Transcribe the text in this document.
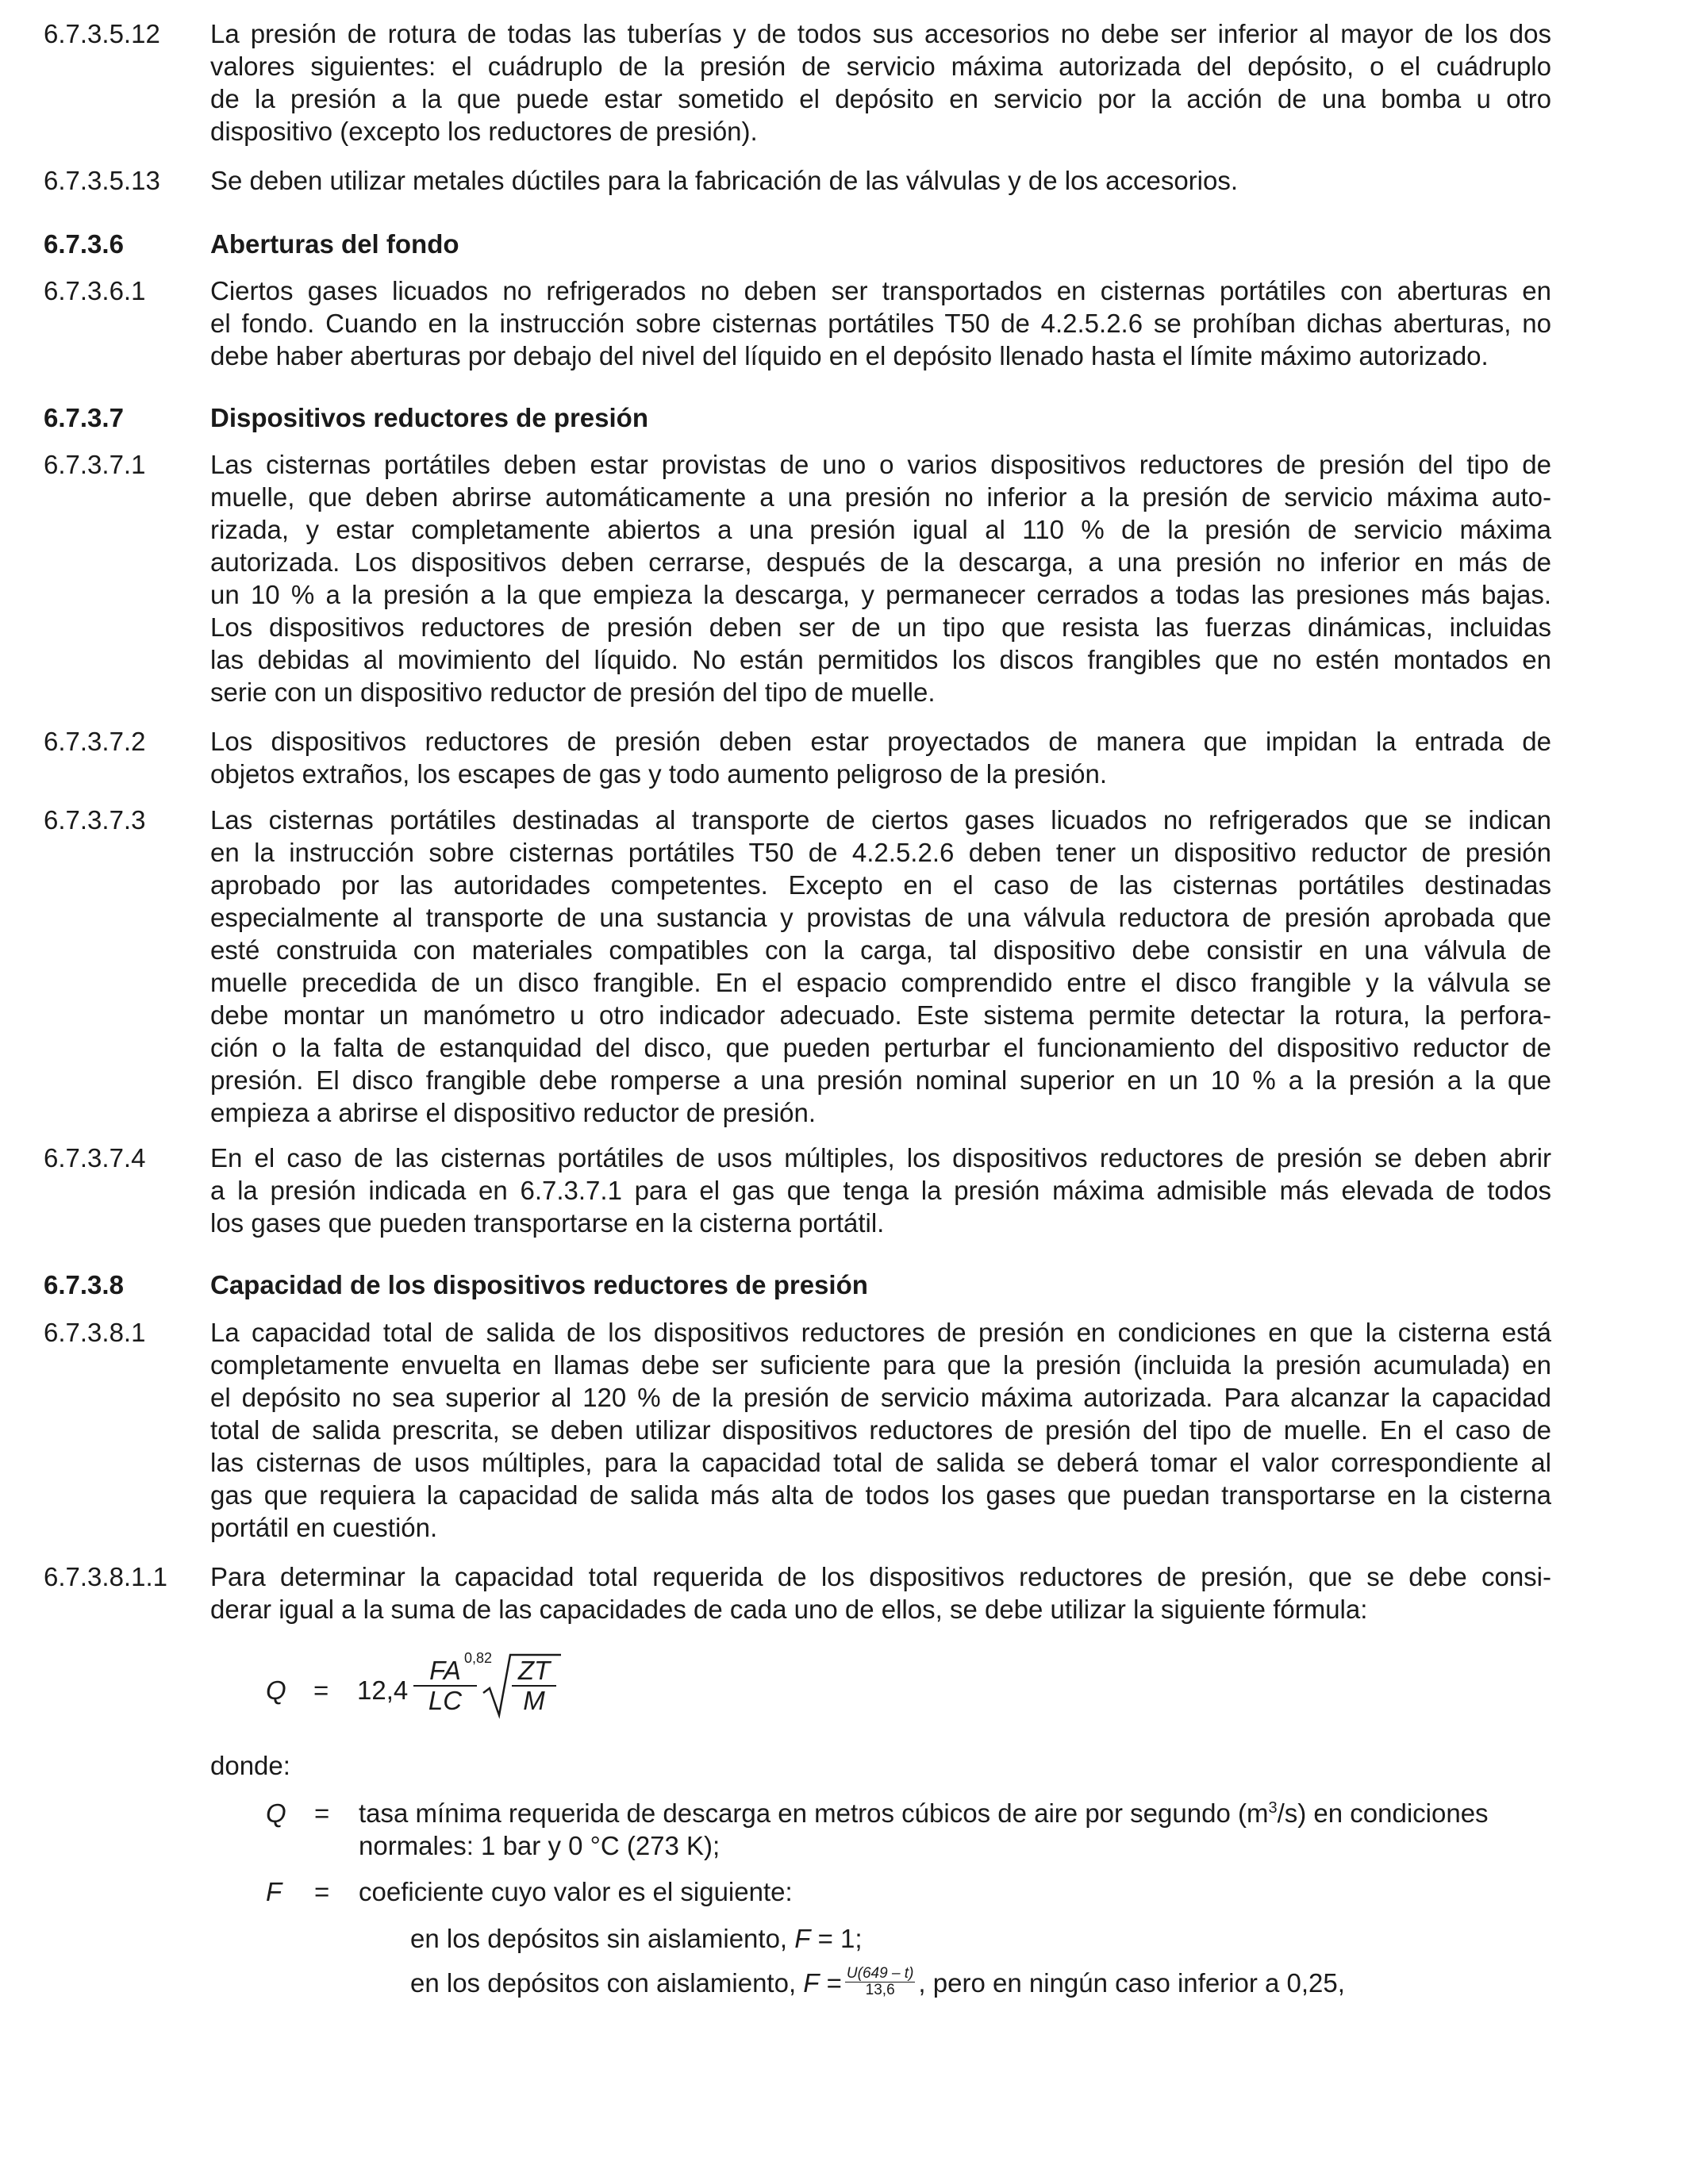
6.7.3.5.12	La presión de rotura de todas las tuberías y de todos sus accesorios no debe ser inferior al mayor de los dos
valores siguientes: el cuádruplo de la presión de servicio máxima autorizada del depósito, o el cuádruplo
de la presión a la que puede estar sometido el depósito en servicio por la acción de una bomba u otro
dispositivo (excepto los reductores de presión).
6.7.3.5.13	Se deben utilizar metales dúctiles para la fabricación de las válvulas y de los accesorios.
6.7.3.6	Aberturas del fondo
6.7.3.6.1	Ciertos gases licuados no refrigerados no deben ser transportados en cisternas portátiles con aberturas en
el fondo. Cuando en la instrucción sobre cisternas portátiles T50 de 4.2.5.2.6 se prohíban dichas aberturas, no
debe haber aberturas por debajo del nivel del líquido en el depósito llenado hasta el límite máximo autorizado.
6.7.3.7	Dispositivos reductores de presión
6.7.3.7.1	Las cisternas portátiles deben estar provistas de uno o varios dispositivos reductores de presión del tipo de
muelle, que deben abrirse automáticamente a una presión no inferior a la presión de servicio máxima auto-
rizada, y estar completamente abiertos a una presión igual al 110 % de la presión de servicio máxima
autorizada. Los dispositivos deben cerrarse, después de la descarga, a una presión no inferior en más de
un 10 % a la presión a la que empieza la descarga, y permanecer cerrados a todas las presiones más bajas.
Los dispositivos reductores de presión deben ser de un tipo que resista las fuerzas dinámicas, incluidas
las debidas al movimiento del líquido. No están permitidos los discos frangibles que no estén montados en
serie con un dispositivo reductor de presión del tipo de muelle.
6.7.3.7.2	Los dispositivos reductores de presión deben estar proyectados de manera que impidan la entrada de
objetos extraños, los escapes de gas y todo aumento peligroso de la presión.
6.7.3.7.3	Las cisternas portátiles destinadas al transporte de ciertos gases licuados no refrigerados que se indican
en la instrucción sobre cisternas portátiles T50 de 4.2.5.2.6 deben tener un dispositivo reductor de presión
aprobado por las autoridades competentes. Excepto en el caso de las cisternas portátiles destinadas
especialmente al transporte de una sustancia y provistas de una válvula reductora de presión aprobada que
esté construida con materiales compatibles con la carga, tal dispositivo debe consistir en una válvula de
muelle precedida de un disco frangible. En el espacio comprendido entre el disco frangible y la válvula se
debe montar un manómetro u otro indicador adecuado. Este sistema permite detectar la rotura, la perfora-
ción o la falta de estanquidad del disco, que pueden perturbar el funcionamiento del dispositivo reductor de
presión. El disco frangible debe romperse a una presión nominal superior en un 10 % a la presión a la que
empieza a abrirse el dispositivo reductor de presión.
6.7.3.7.4	En el caso de las cisternas portátiles de usos múltiples, los dispositivos reductores de presión se deben abrir
a la presión indicada en 6.7.3.7.1 para el gas que tenga la presión máxima admisible más elevada de todos
los gases que pueden transportarse en la cisterna portátil.
6.7.3.8	Capacidad de los dispositivos reductores de presión
6.7.3.8.1	La capacidad total de salida de los dispositivos reductores de presión en condiciones en que la cisterna está
completamente envuelta en llamas debe ser suficiente para que la presión (incluida la presión acumulada) en
el depósito no sea superior al 120 % de la presión de servicio máxima autorizada. Para alcanzar la capacidad
total de salida prescrita, se deben utilizar dispositivos reductores de presión del tipo de muelle. En el caso de
las cisternas de usos múltiples, para la capacidad total de salida se deberá tomar el valor correspondiente al
gas que requiera la capacidad de salida más alta de todos los gases que puedan transportarse en la cisterna
portátil en cuestión.
6.7.3.8.1.1	Para determinar la capacidad total requerida de los dispositivos reductores de presión, que se debe consi-
derar igual a la suma de las capacidades de cada uno de ellos, se debe utilizar la siguiente fórmula:
$Q = 12,4 \frac{FA}{LC}$
$0,82 \frac{ZT}{M}$
donde:
Q = tasa mínima requerida de descarga en metros cúbicos de aire por segundo $(m^3/s)$ en condiciones
normales: 1 bar y 0 °C (273 K);
F = coeficiente cuyo valor es el siguiente:
en los depósitos sin aislamiento, F = 1;
en los depósitos con aislamiento, $F = \frac{U(649 - t)}{13,6}$ , pero en ningún caso inferior a 0,25,
